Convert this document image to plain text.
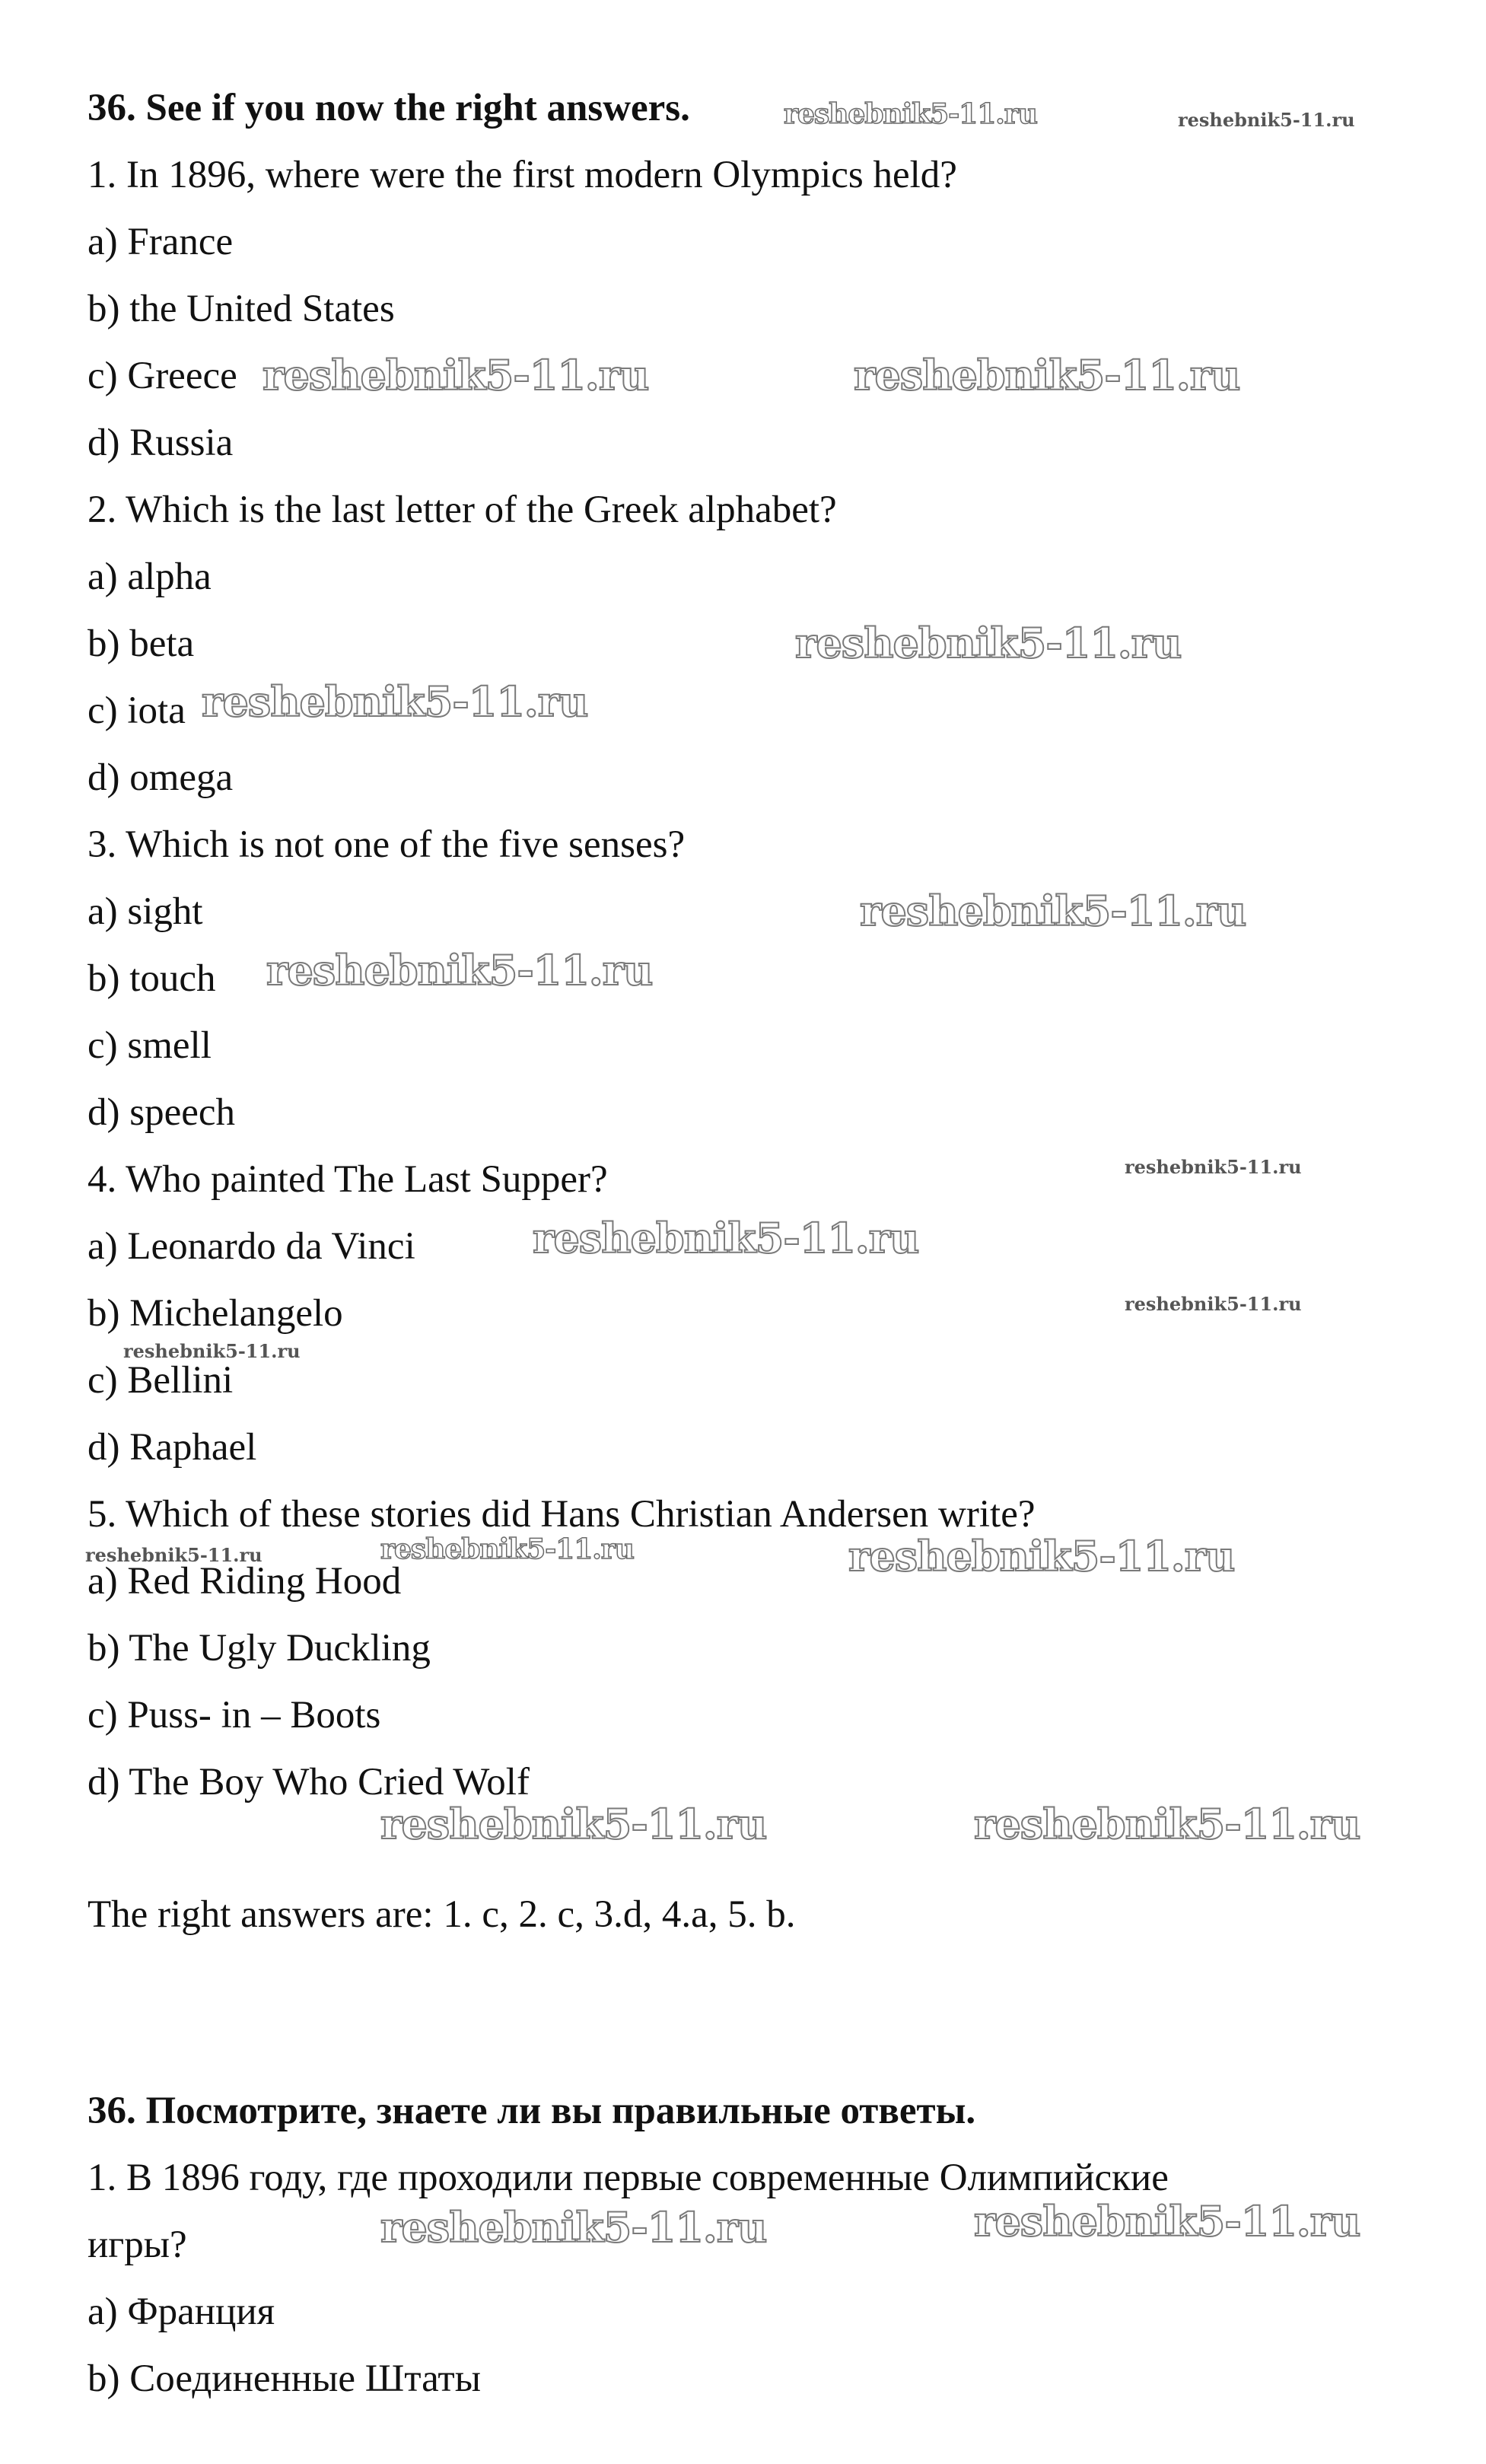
36. See if you now the right answers.
1. In 1896, where were the first modern Olympics held?
a) France
b) the United States
c) Greece
d) Russia
2. Which is the last letter of the Greek alphabet?
a) alpha
b) beta
c) iota
d) omega
3. Which is not one of the five senses?
a) sight
b) touch
c) smell
d) speech
4. Who painted The Last Supper?
a) Leonardo da Vinci
b) Michelangelo
c) Bellini
d) Raphael
5. Which of these stories did Hans Christian Andersen write?
a) Red Riding Hood
b) The Ugly Duckling
c) Puss- in – Boots
d) The Boy Who Cried Wolf
The right answers are: 1. c, 2. c, 3.d, 4.a, 5. b.
36. Посмотрите, знаете ли вы правильные ответы.
1. В 1896 году, где проходили первые современные Олимпийские
игры?
a) Франция
b) Соединенные Штаты
reshebnik5-11.ru	reshebnik5-11.ru
reshebnik5-11.ru	reshebnik5-11.ru
reshebnik5-11.ru
reshebnik5-11.ru
reshebnik5-11.ru
reshebnik5-11.ru
reshebnik5-11.ru
reshebnik5-11.ru
reshebnik5-11.ru
reshebnik5-11.ru
reshebnik5-11.ru	reshebnik5-11.ru	reshebnik5-11.ru
reshebnik5-11.ru	reshebnik5-11.ru
reshebnik5-11.ru	reshebnik5-11.ru
